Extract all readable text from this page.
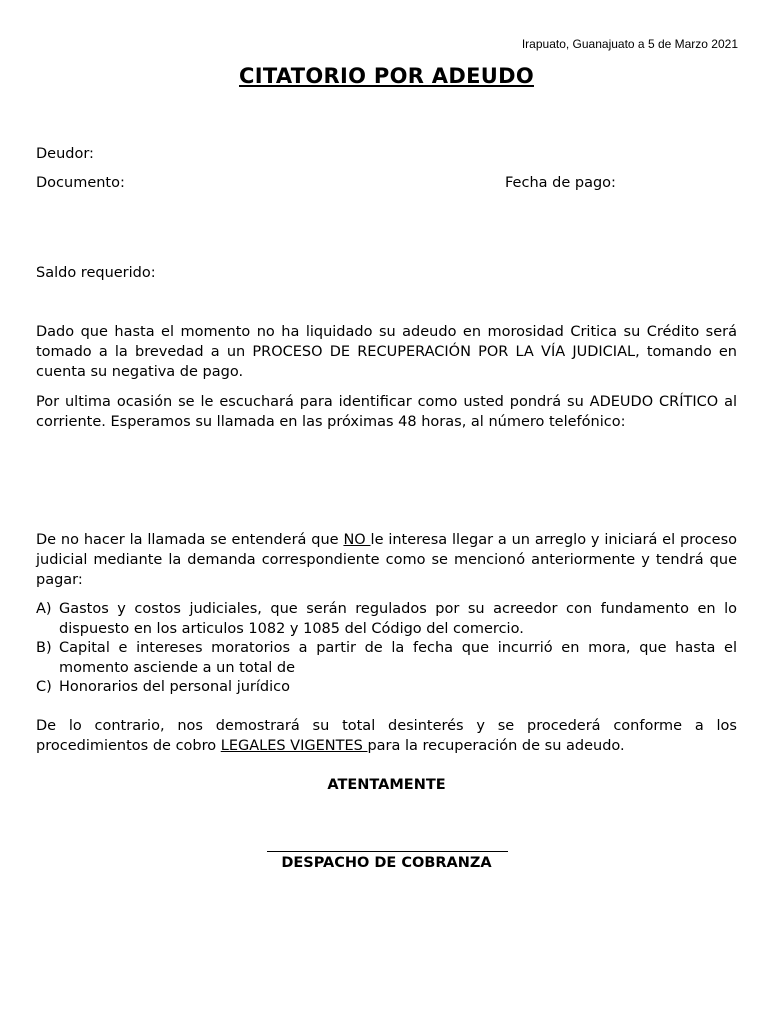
Irapuato, Guanajuato a 5 de Marzo 2021
CITATORIO POR ADEUDO
Deudor:
Documento:	Fecha de pago:
Saldo requerido:
Dado que hasta el momento no ha liquidado su adeudo en morosidad Critica su Crédito será tomado a la brevedad a un PROCESO DE RECUPERACIÓN POR LA VÍA JUDICIAL, tomando en cuenta su negativa de pago.
Por ultima ocasión se le escuchará para identificar como usted pondrá su ADEUDO CRÍTICO al corriente. Esperamos su llamada en las próximas 48 horas, al número telefónico:
De no hacer la llamada se entenderá que NO le interesa llegar a un arreglo y iniciará el proceso judicial mediante la demanda correspondiente como se mencionó anteriormente y tendrá que pagar:
A) Gastos y costos judiciales, que serán regulados por su acreedor con fundamento en lo dispuesto en los articulos 1082 y 1085 del Código del comercio.
B) Capital e intereses moratorios a partir de la fecha que incurrió en mora, que hasta el momento asciende a un total de
C) Honorarios del personal jurídico
De lo contrario, nos demostrará su total desinterés y se procederá conforme a los procedimientos de cobro LEGALES VIGENTES para la recuperación de su adeudo.
ATENTAMENTE
DESPACHO DE COBRANZA
